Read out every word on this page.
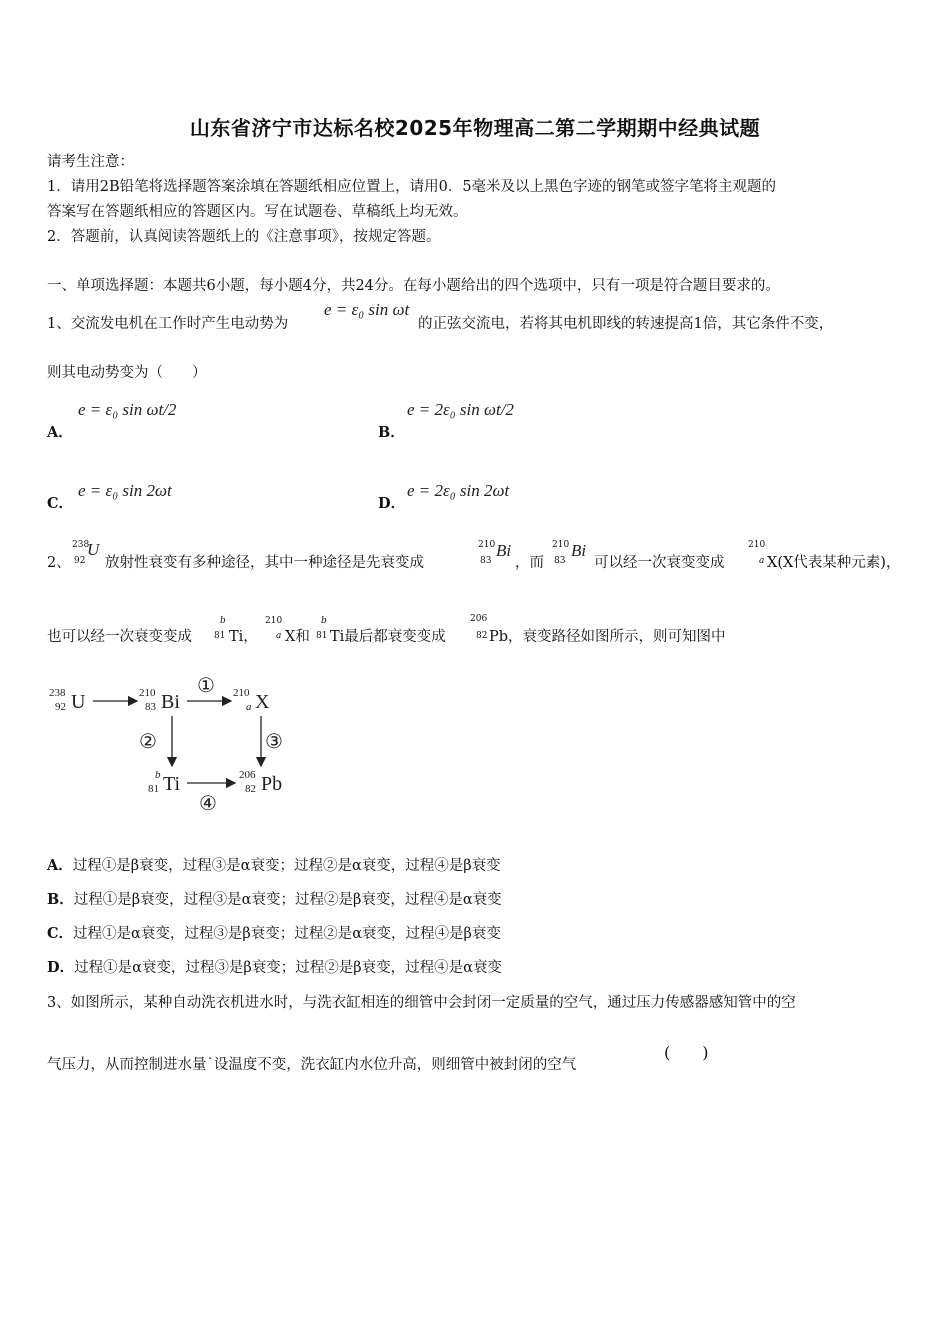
山东省济宁市达标名校2025年物理高二第二学期期中经典试题
请考生注意：
1．请用2B铅笔将选择题答案涂填在答题纸相应位置上，请用0．5毫米及以上黑色字迹的钢笔或签字笔将主观题的
答案写在答题纸相应的答题区内。写在试题卷、草稿纸上均无效。
2．答题前，认真阅读答题纸上的《注意事项》，按规定答题。
一、单项选择题：本题共6小题，每小题4分，共24分。在每小题给出的四个选项中，只有一项是符合题目要求的。
1、交流发电机在工作时产生电动势为
e = ε₀ sin ωt
的正弦交流电，若将其电机即线的转速提高1倍，其它条件不变，
则其电动势变为（　　）
A．
e = ε₀ sin ωt/2
B．
e = 2ε₀ sin ωt/2
C．
e = ε₀ sin 2ωt
D．
e = 2ε₀ sin 2ωt
2、
238
92
U
放射性衰变有多种途径，其中一种途径是先衰变成
210
83
Bi
，而
210
83
Bi
可以经一次衰变变成
210
a X(X代表某种元素)，
也可以经一次衰变变成
b
81 Ti，
210
a X和
b
81 Ti最后都衰变变成
206
82 Pb，衰变路径如图所示，则可知图中
238
92 U	210
83 Bi
① 210
a X
②	③
b
81 Ti
④
206
82 Pb
A．过程①是β衰变，过程③是α衰变；过程②是α衰变，过程④是β衰变
B．过程①是β衰变，过程③是α衰变；过程②是β衰变，过程④是α衰变
C．过程①是α衰变，过程③是β衰变；过程②是α衰变，过程④是β衰变
D．过程①是α衰变，过程③是β衰变；过程②是β衰变，过程④是α衰变
3、如图所示，某种自动洗衣机进水时，与洗衣缸相连的细管中会封闭一定质量的空气，通过压力传感器感知管中的空
气压力，从而控制进水量˙设温度不变，洗衣缸内水位升高，则细管中被封闭的空气
(　　)
